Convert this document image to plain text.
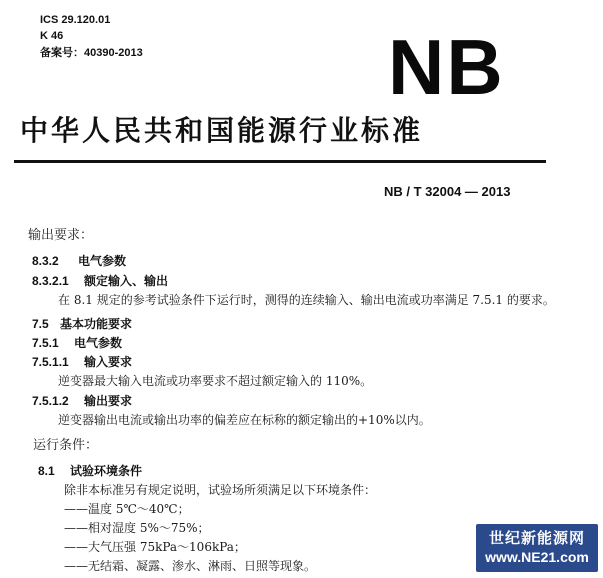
ICS 29.120.01
K 46
备案号：40390-2013	NB
中华人民共和国能源行业标准
NB / T 32004 — 2013
输出要求：
8.3.2 电气参数
8.3.2.1 额定输入、输出
在 8.1 规定的参考试验条件下运行时，测得的连续输入、输出电流或功率满足 7.5.1 的要求。
7.5 基本功能要求
7.5.1 电气参数
7.5.1.1 输入要求
逆变器最大输入电流或功率要求不超过额定输入的 110%。
7.5.1.2 输出要求
逆变器输出电流或输出功率的偏差应在标称的额定输出的+10%以内。
运行条件：
8.1 试验环境条件
除非本标准另有规定说明，试验场所须满足以下环境条件：
——温度 5℃～40℃；
——相对湿度 5%～75%；
——大气压强 75kPa～106kPa；
——无结霜、凝露、渗水、淋雨、日照等现象。
世纪新能源网
www.NE21.com
